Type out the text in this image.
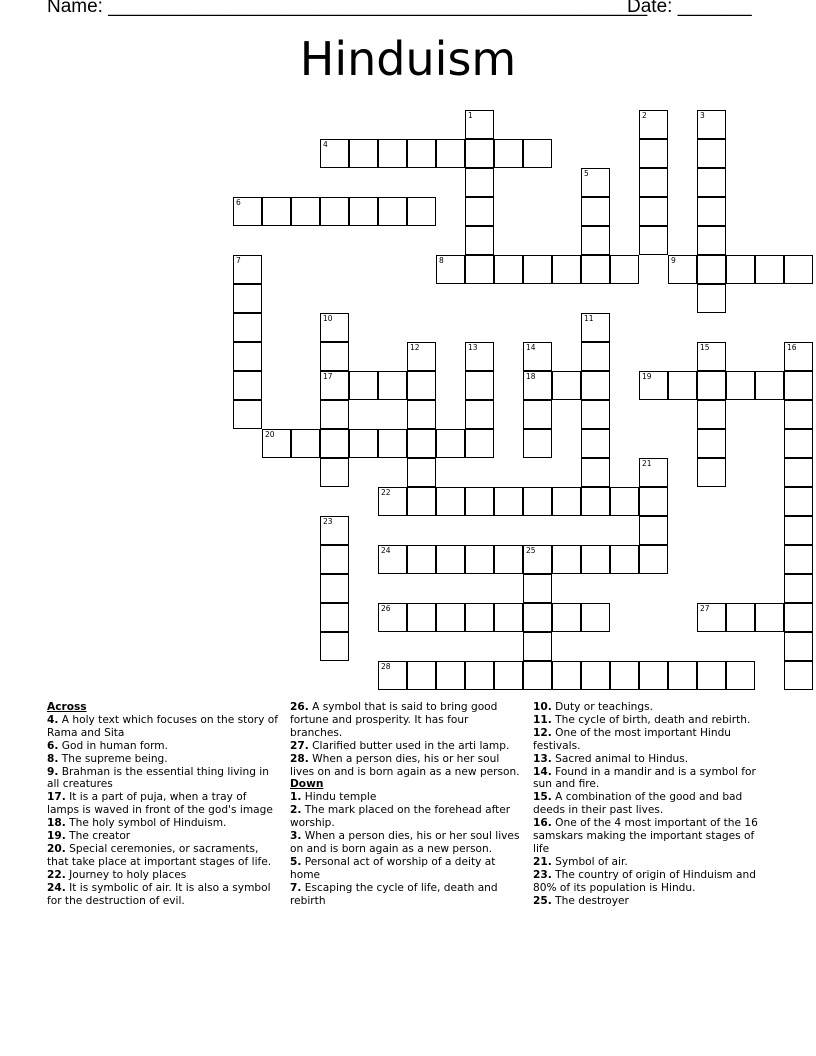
Name: ___________________________________________________
Date: _______
Hinduism
1	2	3
4
5
6
7	8	9
10	11
12	13	14	15	16
17	18	19
20
21
22
23
24	25
26	27
28
Across
4. A holy text which focuses on the story of Rama and Sita
6. God in human form.
8. The supreme being.
9. Brahman is the essential thing living in all creatures
17. It is a part of puja, when a tray of lamps is waved in front of the god's image
18. The holy symbol of Hinduism.
19. The creator
20. Special ceremonies, or sacraments, that take place at important stages of life.
22. Journey to holy places
24. It is symbolic of air. It is also a symbol for the destruction of evil.
26. A symbol that is said to bring good fortune and prosperity. It has four branches.
27. Clarified butter used in the arti lamp.
28. When a person dies, his or her soul lives on and is born again as a new person.
Down
1. Hindu temple
2. The mark placed on the forehead after worship.
3. When a person dies, his or her soul lives on and is born again as a new person.
5. Personal act of worship of a deity at home
7. Escaping the cycle of life, death and rebirth
10. Duty or teachings.
11. The cycle of birth, death and rebirth.
12. One of the most important Hindu festivals.
13. Sacred animal to Hindus.
14. Found in a mandir and is a symbol for sun and fire.
15. A combination of the good and bad deeds in their past lives.
16. One of the 4 most important of the 16 samskars making the important stages of life
21. Symbol of air.
23. The country of origin of Hinduism and 80% of its population is Hindu.
25. The destroyer
